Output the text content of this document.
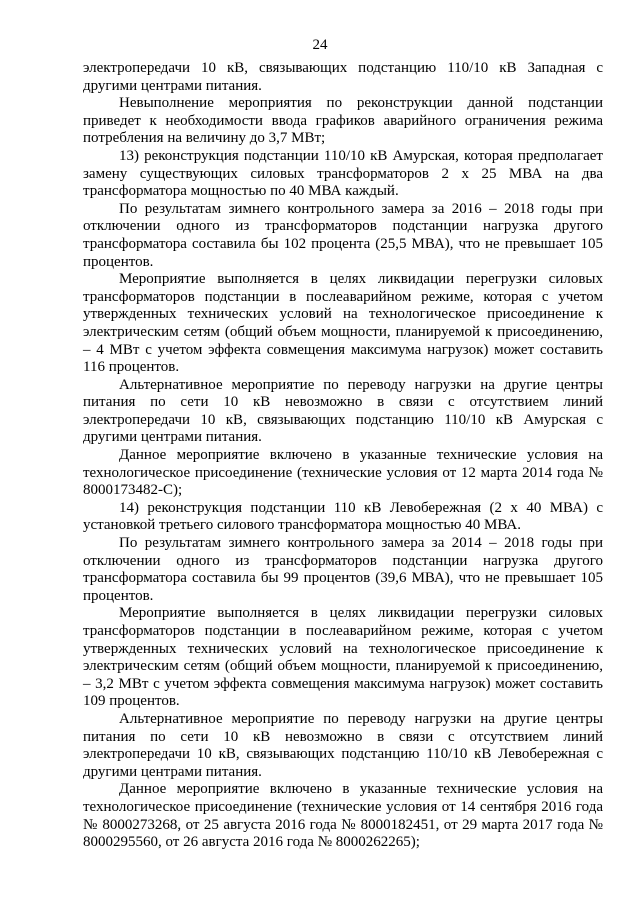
24

электропередачи 10 кВ, связывающих подстанцию 110/10 кВ Западная с другими центрами питания.

Невыполнение мероприятия по реконструкции данной подстанции приведет к необходимости ввода графиков аварийного ограничения режима потребления на величину до 3,7 МВт;

13) реконструкция подстанции 110/10 кВ Амурская, которая предполагает замену существующих силовых трансформаторов 2 х 25 МВА на два трансформатора мощностью по 40 МВА каждый.

По результатам зимнего контрольного замера за 2016 – 2018 годы при отключении одного из трансформаторов подстанции нагрузка другого трансформатора составила бы 102 процента (25,5 МВА), что не превышает 105 процентов.

Мероприятие выполняется в целях ликвидации перегрузки силовых трансформаторов подстанции в послеаварийном режиме, которая с учетом утвержденных технических условий на технологическое присоединение к электрическим сетям (общий объем мощности, планируемой к присоединению, – 4 МВт с учетом эффекта совмещения максимума нагрузок) может составить 116 процентов.

Альтернативное мероприятие по переводу нагрузки на другие центры питания по сети 10 кВ невозможно в связи с отсутствием линий электропередачи 10 кВ, связывающих подстанцию 110/10 кВ Амурская с другими центрами питания.

Данное мероприятие включено в указанные технические условия на технологическое присоединение (технические условия от 12 марта 2014 года № 8000173482-С);

14) реконструкция подстанции 110 кВ Левобережная (2 х 40 МВА) с установкой третьего силового трансформатора мощностью 40 МВА.

По результатам зимнего контрольного замера за 2014 – 2018 годы при отключении одного из трансформаторов подстанции нагрузка другого трансформатора составила бы 99 процентов (39,6 МВА), что не превышает 105 процентов.

Мероприятие выполняется в целях ликвидации перегрузки силовых трансформаторов подстанции в послеаварийном режиме, которая с учетом утвержденных технических условий на технологическое присоединение к электрическим сетям (общий объем мощности, планируемой к присоединению, – 3,2 МВт с учетом эффекта совмещения максимума нагрузок) может составить 109 процентов.

Альтернативное мероприятие по переводу нагрузки на другие центры питания по сети 10 кВ невозможно в связи с отсутствием линий электропередачи 10 кВ, связывающих подстанцию 110/10 кВ Левобережная с другими центрами питания.

Данное мероприятие включено в указанные технические условия на технологическое присоединение (технические условия от 14 сентября 2016 года № 8000273268, от 25 августа 2016 года № 8000182451, от 29 марта 2017 года № 8000295560, от 26 августа 2016 года № 8000262265);
